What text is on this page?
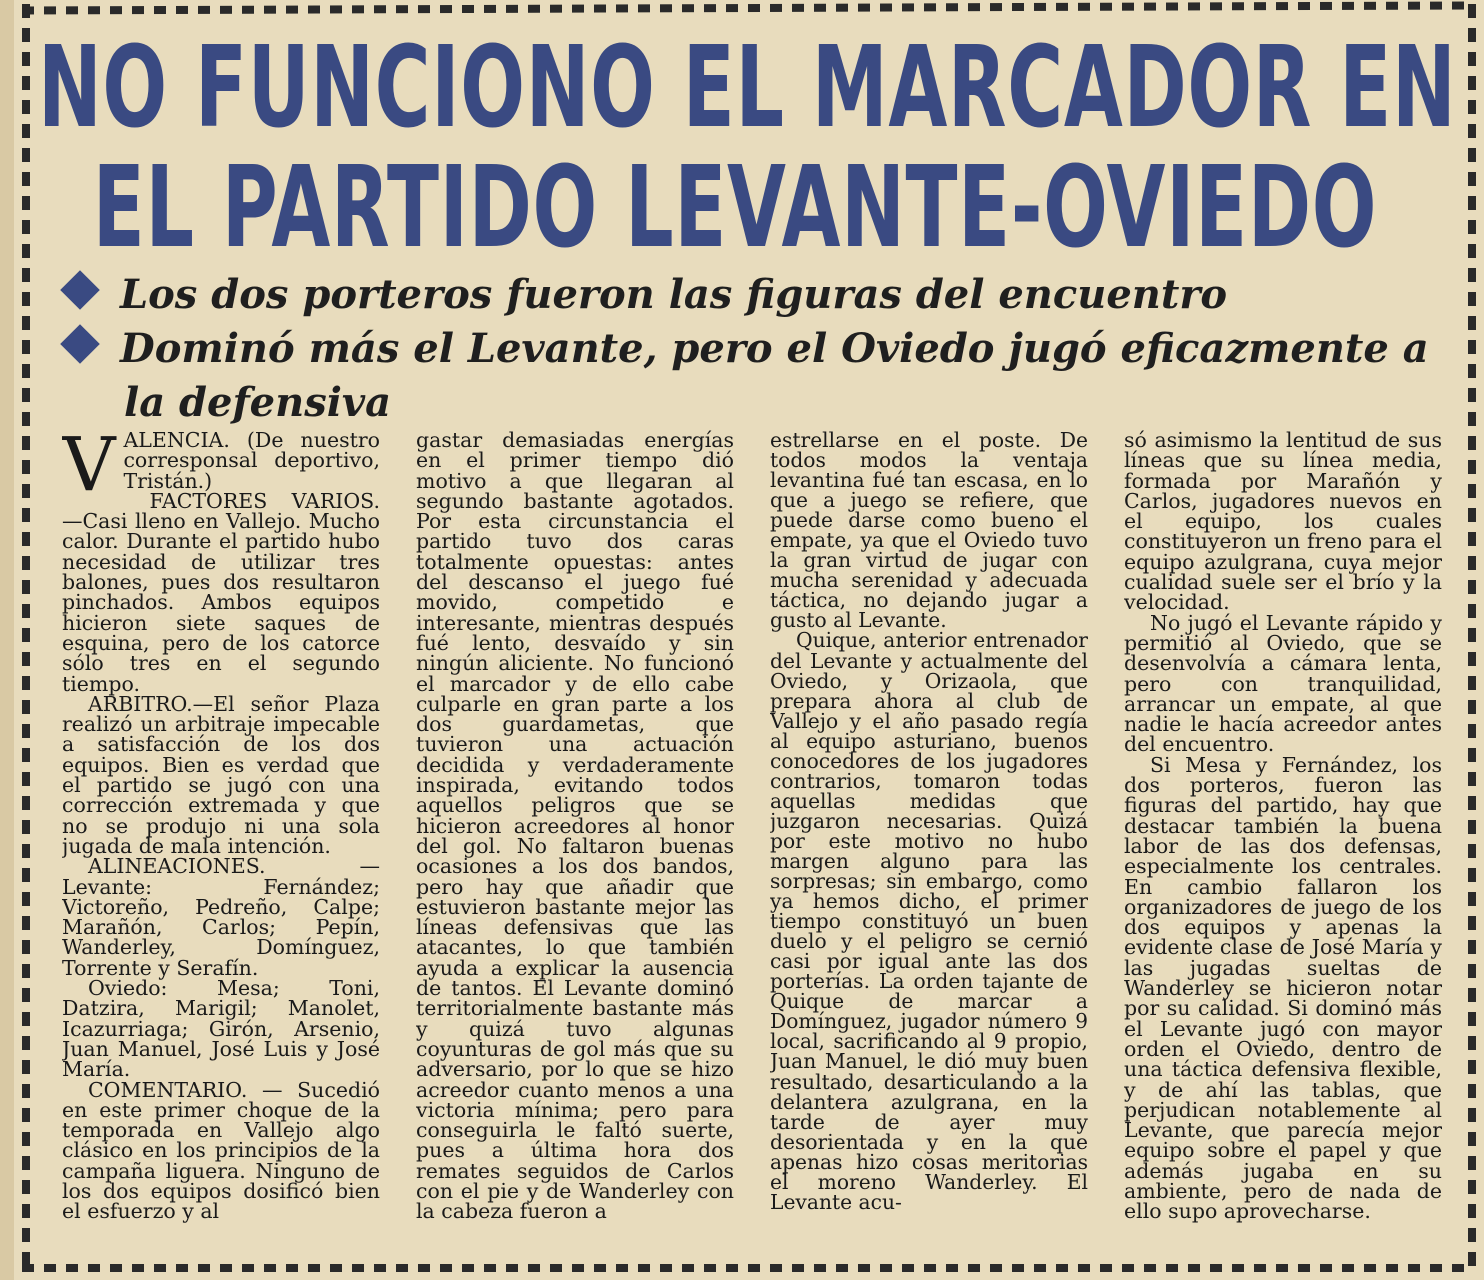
NO FUNCIONO EL MARCADOR EN
EL PARTIDO LEVANTE-OVIEDO
Los dos porteros fueron las figuras del encuentro
Dominó más el Levante, pero el Oviedo jugó eficazmente a
la defensiva

VALENCIA. (De nuestro corresponsal deportivo, Tristán.)

FACTORES VARIOS.—Casi lleno en Vallejo. Mucho calor. Durante el partido hubo necesidad de utilizar tres balones, pues dos resultaron pinchados. Ambos equipos hicieron siete saques de esquina, pero de los catorce sólo tres en el segundo tiempo.

ARBITRO.—El señor Plaza realizó un arbitraje impecable a satisfacción de los dos equipos. Bien es verdad que el partido se jugó con una corrección extremada y que no se produjo ni una sola jugada de mala intención.

ALINEACIONES. — Levante: Fernández; Victoreño, Pedreño, Calpe; Marañón, Carlos; Pepín, Wanderley, Domínguez, Torrente y Serafín.

Oviedo: Mesa; Toni, Datzira, Marigil; Manolet, Icazurriaga; Girón, Arsenio, Juan Manuel, José Luis y José María.

COMENTARIO. — Sucedió en este primer choque de la temporada en Vallejo algo clásico en los principios de la campaña liguera. Ninguno de los dos equipos dosificó bien el esfuerzo y al

gastar demasiadas energías en el primer tiempo dió motivo a que llegaran al segundo bastante agotados. Por esta circunstancia el partido tuvo dos caras totalmente opuestas: antes del descanso el juego fué movido, competido e interesante, mientras después fué lento, desvaído y sin ningún aliciente. No funcionó el marcador y de ello cabe culparle en gran parte a los dos guardametas, que tuvieron una actuación decidida y verdaderamente inspirada, evitando todos aquellos peligros que se hicieron acreedores al honor del gol. No faltaron buenas ocasiones a los dos bandos, pero hay que añadir que estuvieron bastante mejor las líneas defensivas que las atacantes, lo que también ayuda a explicar la ausencia de tantos. El Levante dominó territorialmente bastante más y quizá tuvo algunas coyunturas de gol más que su adversario, por lo que se hizo acreedor cuanto menos a una victoria mínima; pero para conseguirla le faltó suerte, pues a última hora dos remates seguidos de Carlos con el pie y de Wanderley con la cabeza fueron a

estrellarse en el poste. De todos modos la ventaja levantina fué tan escasa, en lo que a juego se refiere, que puede darse como bueno el empate, ya que el Oviedo tuvo la gran virtud de jugar con mucha serenidad y adecuada táctica, no dejando jugar a gusto al Levante.

Quique, anterior entrenador del Levante y actualmente del Oviedo, y Orizaola, que prepara ahora al club de Vallejo y el año pasado regía al equipo asturiano, buenos conocedores de los jugadores contrarios, tomaron todas aquellas medidas que juzgaron necesarias. Quizá por este motivo no hubo margen alguno para las sorpresas; sin embargo, como ya hemos dicho, el primer tiempo constituyó un buen duelo y el peligro se cernió casi por igual ante las dos porterías. La orden tajante de Quique de marcar a Domínguez, jugador número 9 local, sacrificando al 9 propio, Juan Manuel, le dió muy buen resultado, desarticulando a la delantera azulgrana, en la tarde de ayer muy desorientada y en la que apenas hizo cosas meritorias el moreno Wanderley. El Levante acu-

só asimismo la lentitud de sus líneas que su línea media, formada por Marañón y Carlos, jugadores nuevos en el equipo, los cuales constituyeron un freno para el equipo azulgrana, cuya mejor cualidad suele ser el brío y la velocidad.

No jugó el Levante rápido y permitió al Oviedo, que se desenvolvía a cámara lenta, pero con tranquilidad, arrancar un empate, al que nadie le hacía acreedor antes del encuentro.

Si Mesa y Fernández, los dos porteros, fueron las figuras del partido, hay que destacar también la buena labor de las dos defensas, especialmente los centrales. En cambio fallaron los organizadores de juego de los dos equipos y apenas la evidente clase de José María y las jugadas sueltas de Wanderley se hicieron notar por su calidad. Si dominó más el Levante jugó con mayor orden el Oviedo, dentro de una táctica defensiva flexible, y de ahí las tablas, que perjudican notablemente al Levante, que parecía mejor equipo sobre el papel y que además jugaba en su ambiente, pero de nada de ello supo aprovecharse.
